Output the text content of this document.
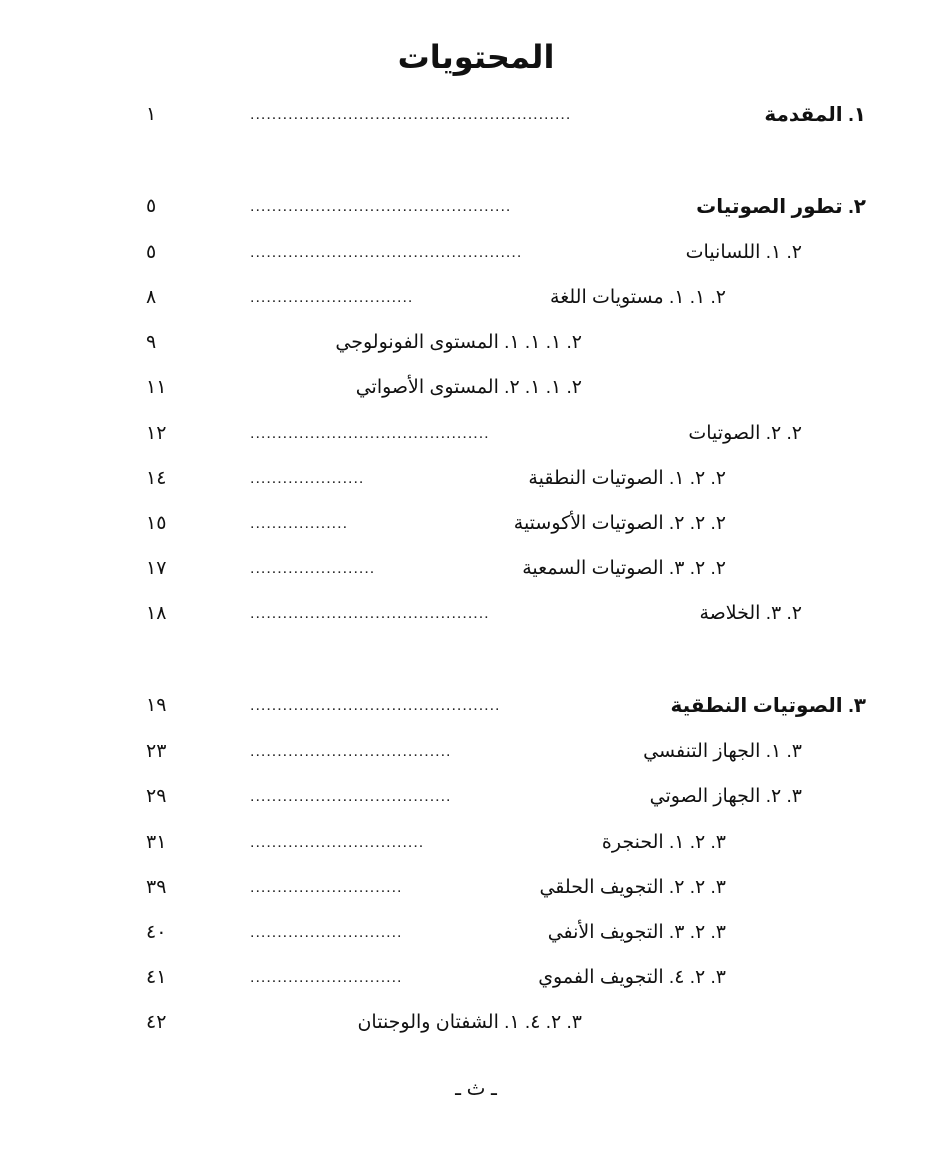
المحتويات
١. المقدمة
...........................................................
١
٢. تطور الصوتيات
................................................
٥
٢. ١. اللسانيات
..................................................
٥
٢. ١. ١. مستويات اللغة
..............................
٨
٢. ١. ١. ١. المستوى الفونولوجي
٩
٢. ١. ١. ٢. المستوى الأصواتي
١١
٢. ٢. الصوتيات
............................................
١٢
٢. ٢. ١. الصوتيات النطقية
.....................
١٤
٢. ٢. ٢. الصوتيات الأكوستية
..................
١٥
٢. ٢. ٣. الصوتيات السمعية
.......................
١٧
٢. ٣. الخلاصة
............................................
١٨
٣. الصوتيات النطقية
..............................................
١٩
٣. ١. الجهاز التنفسي
.....................................
٢٣
٣. ٢. الجهاز الصوتي
.....................................
٢٩
٣. ٢. ١. الحنجرة
................................
٣١
٣. ٢. ٢. التجويف الحلقي
............................
٣٩
٣. ٢. ٣. التجويف الأنفي
............................
٤٠
٣. ٢. ٤. التجويف الفموي
............................
٤١
٣. ٢. ٤. ١. الشفتان والوجنتان
٤٢
ـ ث ـ
